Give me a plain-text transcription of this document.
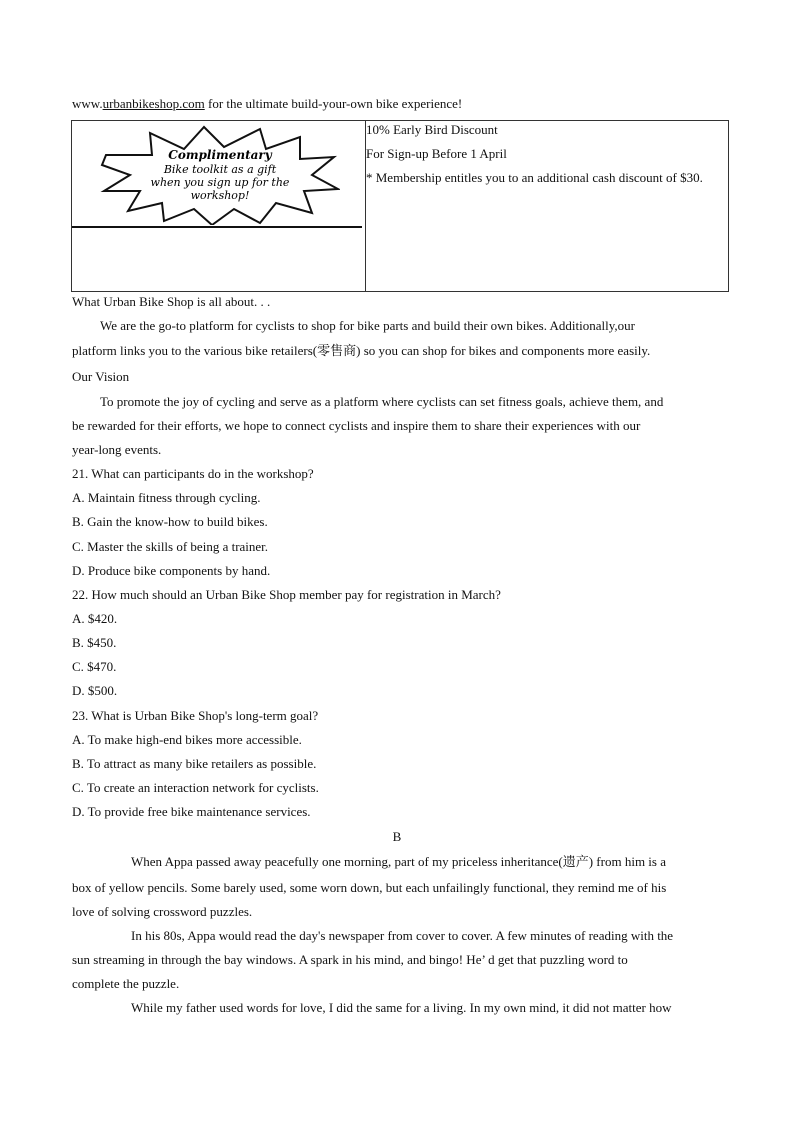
www.urbanbikeshop.com for the ultimate build-your-own bike experience!
Complimentary
Bike toolkit as a gift
when you sign up for the
workshop!
10% Early Bird Discount
For Sign-up Before 1 April
* Membership entitles you to an additional cash discount of $30.
What Urban Bike Shop is all about. . .
We are the go-to platform for cyclists to shop for bike parts and build their own bikes. Additionally,our
platform links you to the various bike retailers(零售商) so you can shop for bikes and components more easily.
Our Vision
To promote the joy of cycling and serve as a platform where cyclists can set fitness goals, achieve them, and
be rewarded for their efforts, we hope to connect cyclists and inspire them to share their experiences with our
year-long events.
21. What can participants do in the workshop?
A. Maintain fitness through cycling.
B. Gain the know-how to build bikes.
C. Master the skills of being a trainer.
D. Produce bike components by hand.
22. How much should an Urban Bike Shop member pay for registration in March?
A. $420.
B. $450.
C. $470.
D. $500.
23. What is Urban Bike Shop's long-term goal?
A. To make high-end bikes more accessible.
B. To attract as many bike retailers as possible.
C. To create an interaction network for cyclists.
D. To provide free bike maintenance services.
B
When Appa passed away peacefully one morning, part of my priceless inheritance(遗产) from him is a
box of yellow pencils. Some barely used, some worn down, but each unfailingly functional, they remind me of his
love of solving crossword puzzles.
In his 80s, Appa would read the day's newspaper from cover to cover. A few minutes of reading with the
sun streaming in through the bay windows. A spark in his mind, and bingo! He’ d get that puzzling word to
complete the puzzle.
While my father used words for love, I did the same for a living. In my own mind, it did not matter how
